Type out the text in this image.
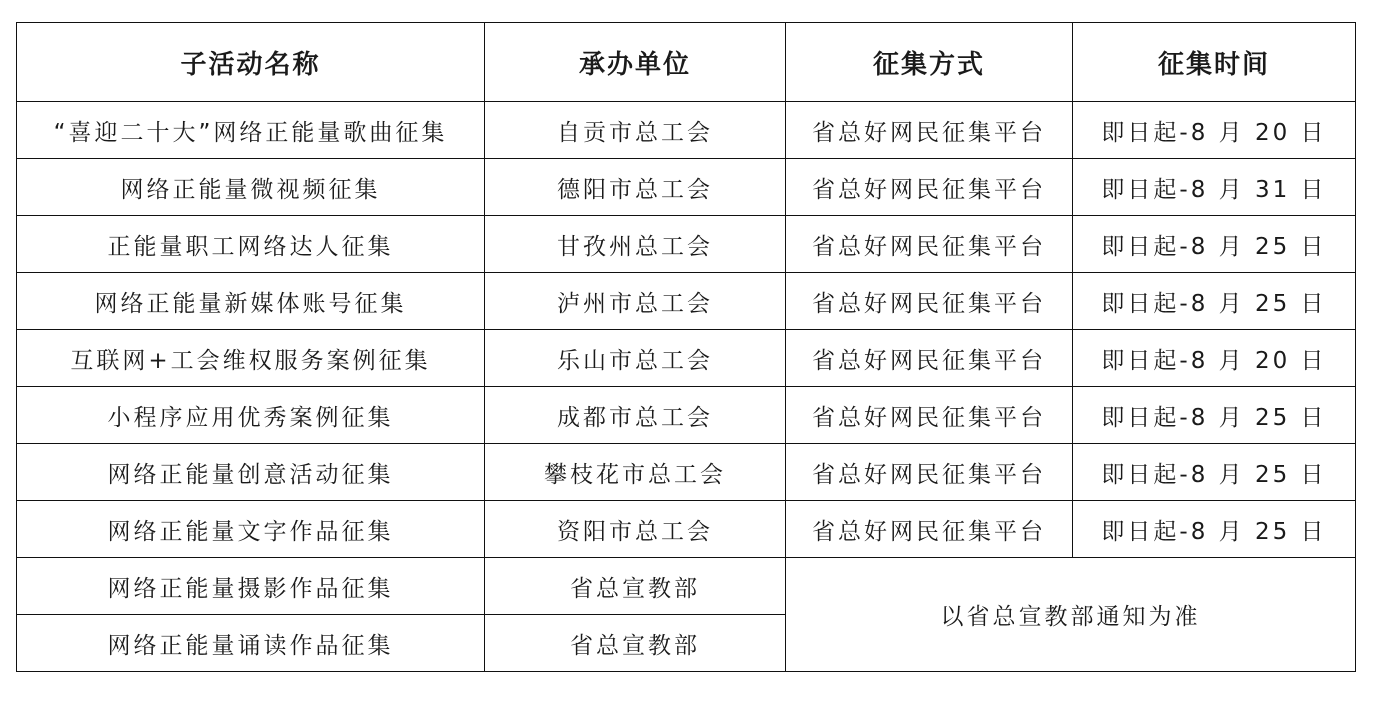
子活动名称	承办单位	征集方式	征集时间
“喜迎二十大”网络正能量歌曲征集	自贡市总工会	省总好网民征集平台	即日起-8 月 20 日
网络正能量微视频征集	德阳市总工会	省总好网民征集平台	即日起-8 月 31 日
正能量职工网络达人征集	甘孜州总工会	省总好网民征集平台	即日起-8 月 25 日
网络正能量新媒体账号征集	泸州市总工会	省总好网民征集平台	即日起-8 月 25 日
互联网+工会维权服务案例征集	乐山市总工会	省总好网民征集平台	即日起-8 月 20 日
小程序应用优秀案例征集	成都市总工会	省总好网民征集平台	即日起-8 月 25 日
网络正能量创意活动征集	攀枝花市总工会	省总好网民征集平台	即日起-8 月 25 日
网络正能量文字作品征集	资阳市总工会	省总好网民征集平台	即日起-8 月 25 日
网络正能量摄影作品征集	省总宣教部	以省总宣教部通知为准	
网络正能量诵读作品征集	省总宣教部		
